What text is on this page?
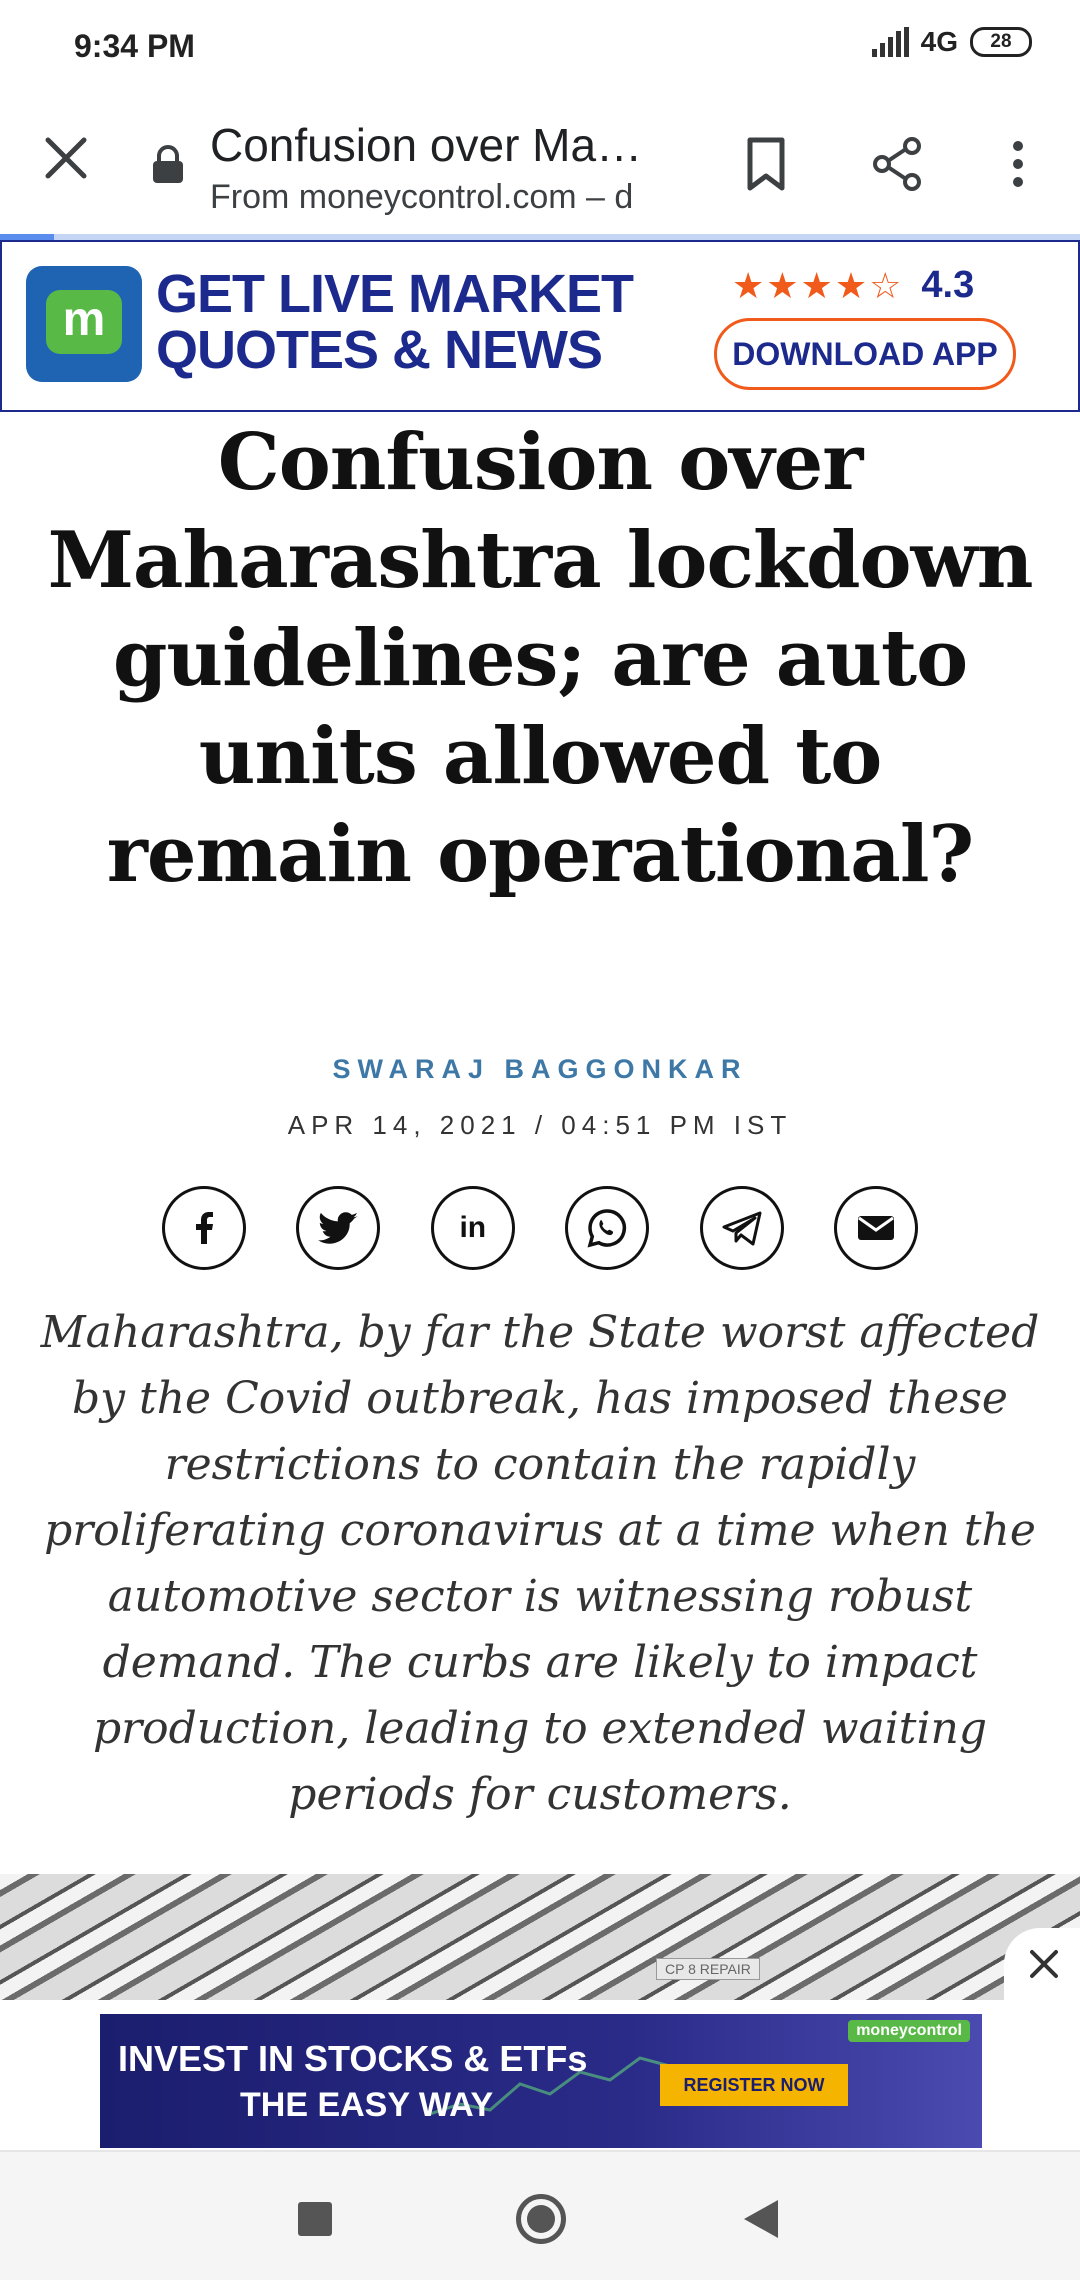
9:34 PM	4G	28
Confusion over Ma…
From moneycontrol.com – d
m GET LIVE MARKET
QUOTES & NEWS
★★★★☆ 4.3
DOWNLOAD APP
Confusion over Maharashtra lockdown guidelines; are auto units allowed to remain operational?
SWARAJ BAGGONKAR
APR 14, 2021 / 04:51 PM IST
in

Maharashtra, by far the State worst affected by the Covid outbreak, has imposed these restrictions to contain the rapidly proliferating coronavirus at a time when the automotive sector is witnessing robust demand. The curbs are likely to impact production, leading to extended waiting periods for customers.

CP 8 REPAIR
INVEST IN STOCKS & ETFs
THE EASY WAY
REGISTER NOW
moneycontrol
